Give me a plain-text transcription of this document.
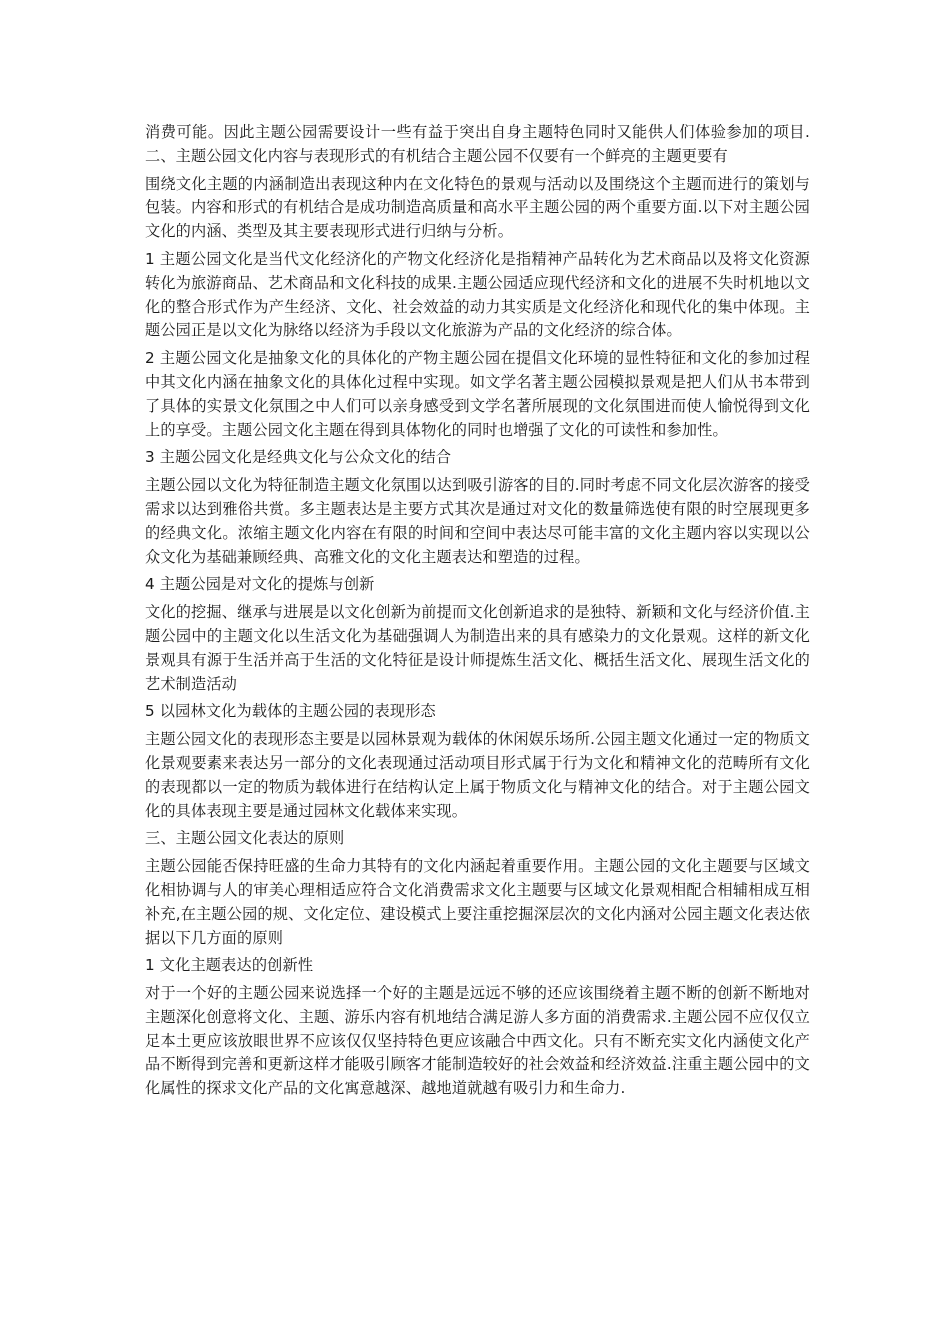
消费可能。因此主题公园需要设计一些有益于突出自身主题特色同时又能供人们体验参加的项目.二、主题公园文化内容与表现形式的有机结合主题公园不仅要有一个鲜亮的主题更要有

围绕文化主题的内涵制造出表现这种内在文化特色的景观与活动以及围绕这个主题而进行的策划与包装。内容和形式的有机结合是成功制造高质量和高水平主题公园的两个重要方面.以下对主题公园文化的内涵、类型及其主要表现形式进行归纳与分析。

1 主题公园文化是当代文化经济化的产物文化经济化是指精神产品转化为艺术商品以及将文化资源转化为旅游商品、艺术商品和文化科技的成果.主题公园适应现代经济和文化的进展不失时机地以文化的整合形式作为产生经济、文化、社会效益的动力其实质是文化经济化和现代化的集中体现。主题公园正是以文化为脉络以经济为手段以文化旅游为产品的文化经济的综合体。

2 主题公园文化是抽象文化的具体化的产物主题公园在提倡文化环境的显性特征和文化的参加过程中其文化内涵在抽象文化的具体化过程中实现。如文学名著主题公园模拟景观是把人们从书本带到了具体的实景文化氛围之中人们可以亲身感受到文学名著所展现的文化氛围进而使人愉悦得到文化上的享受。主题公园文化主题在得到具体物化的同时也增强了文化的可读性和参加性。

3 主题公园文化是经典文化与公众文化的结合

主题公园以文化为特征制造主题文化氛围以达到吸引游客的目的.同时考虑不同文化层次游客的接受需求以达到雅俗共赏。多主题表达是主要方式其次是通过对文化的数量筛选使有限的时空展现更多的经典文化。浓缩主题文化内容在有限的时间和空间中表达尽可能丰富的文化主题内容以实现以公众文化为基础兼顾经典、高雅文化的文化主题表达和塑造的过程。

4 主题公园是对文化的提炼与创新

文化的挖掘、继承与进展是以文化创新为前提而文化创新追求的是独特、新颖和文化与经济价值.主题公园中的主题文化以生活文化为基础强调人为制造出来的具有感染力的文化景观。这样的新文化景观具有源于生活并高于生活的文化特征是设计师提炼生活文化、概括生活文化、展现生活文化的艺术制造活动

5 以园林文化为载体的主题公园的表现形态

主题公园文化的表现形态主要是以园林景观为载体的休闲娱乐场所.公园主题文化通过一定的物质文化景观要素来表达另一部分的文化表现通过活动项目形式属于行为文化和精神文化的范畴所有文化的表现都以一定的物质为载体进行在结构认定上属于物质文化与精神文化的结合。对于主题公园文化的具体表现主要是通过园林文化载体来实现。

三、主题公园文化表达的原则

主题公园能否保持旺盛的生命力其特有的文化内涵起着重要作用。主题公园的文化主题要与区域文化相协调与人的审美心理相适应符合文化消费需求文化主题要与区域文化景观相配合相辅相成互相补充,在主题公园的规、文化定位、建设模式上要注重挖掘深层次的文化内涵对公园主题文化表达依据以下几方面的原则

1 文化主题表达的创新性

对于一个好的主题公园来说选择一个好的主题是远远不够的还应该围绕着主题不断的创新不断地对主题深化创意将文化、主题、游乐内容有机地结合满足游人多方面的消费需求.主题公园不应仅仅立足本土更应该放眼世界不应该仅仅坚持特色更应该融合中西文化。只有不断充实文化内涵使文化产品不断得到完善和更新这样才能吸引顾客才能制造较好的社会效益和经济效益.注重主题公园中的文化属性的探求文化产品的文化寓意越深、越地道就越有吸引力和生命力.
